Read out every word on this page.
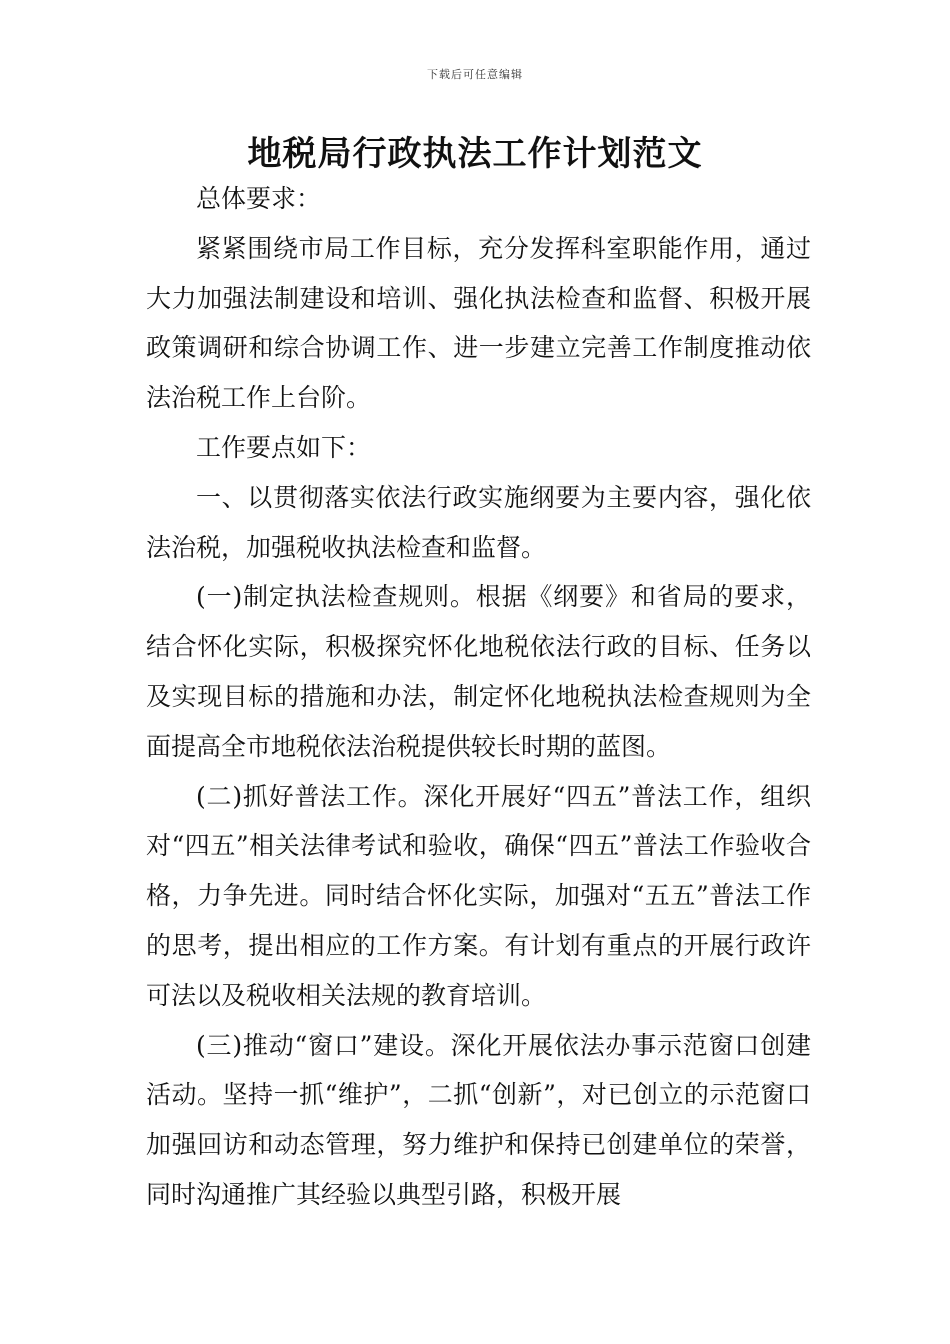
下载后可任意编辑
地税局行政执法工作计划范文

总体要求：

紧紧围绕市局工作目标，充分发挥科室职能作用，通过大力加强法制建设和培训、强化执法检查和监督、积极开展政策调研和综合协调工作、进一步建立完善工作制度推动依法治税工作上台阶。

工作要点如下：

一、以贯彻落实依法行政实施纲要为主要内容，强化依法治税，加强税收执法检查和监督。

(一)制定执法检查规则。根据《纲要》和省局的要求，结合怀化实际，积极探究怀化地税依法行政的目标、任务以及实现目标的措施和办法，制定怀化地税执法检查规则为全面提高全市地税依法治税提供较长时期的蓝图。

(二)抓好普法工作。深化开展好“四五”普法工作，组织对“四五”相关法律考试和验收，确保“四五”普法工作验收合格，力争先进。同时结合怀化实际，加强对“五五”普法工作的思考，提出相应的工作方案。有计划有重点的开展行政许可法以及税收相关法规的教育培训。

(三)推动“窗口”建设。深化开展依法办事示范窗口创建活动。坚持一抓“维护”，二抓“创新”，对已创立的示范窗口加强回访和动态管理，努力维护和保持已创建单位的荣誉，同时沟通推广其经验以典型引路，积极开展
